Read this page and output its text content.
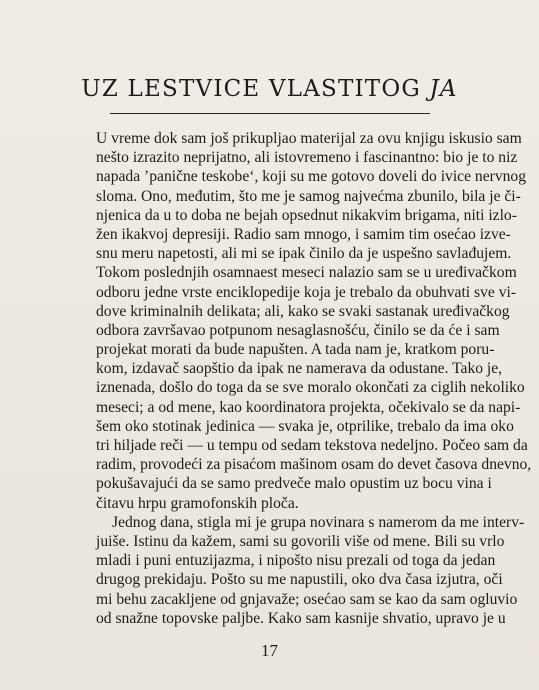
UZ LESTVICE VLASTITOG JA
U vreme dok sam još prikupljao materijal za ovu knjigu iskusio sam
nešto izrazito neprijatno, ali istovremeno i fascinantno: bio je to niz
napada ’panične teskobe‘, koji su me gotovo doveli do ivice nervnog
sloma. Ono, međutim, što me je samog najvećma zbunilo, bila je či-
njenica da u to doba ne bejah opsednut nikakvim brigama, niti izlo-
žen ikakvoj depresiji. Radio sam mnogo, i samim tim osećao izve-
snu meru napetosti, ali mi se ipak činilo da je uspešno savlađujem.
Tokom poslednjih osamnaest meseci nalazio sam se u uređivačkom
odboru jedne vrste enciklopedije koja je trebalo da obuhvati sve vi-
dove kriminalnih delikata; ali, kako se svaki sastanak uređivačkog
odbora završavao potpunom nesaglasnošću, činilo se da će i sam
projekat morati da bude napušten. A tada nam je, kratkom poru-
kom, izdavač saopštio da ipak ne namerava da odustane. Tako je,
iznenada, došlo do toga da se sve moralo okončati za ciglih nekoliko
meseci; a od mene, kao koordinatora projekta, očekivalo se da napi-
šem oko stotinak jedinica — svaka je, otprilike, trebalo da ima oko
tri hiljade reči — u tempu od sedam tekstova nedeljno. Počeo sam da
radim, provodeći za pisaćom mašinom osam do devet časova dnevno,
pokušavajući da se samo predveče malo opustim uz bocu vina i
čitavu hrpu gramofonskih ploča.
Jednog dana, stigla mi je grupa novinara s namerom da me interv-
juiše. Istinu da kažem, sami su govorili više od mene. Bili su vrlo
mladi i puni entuzijazma, i nipošto nisu prezali od toga da jedan
drugog prekidaju. Pošto su me napustili, oko dva časa izjutra, oči
mi behu zacakljene od gnjavaže; osećao sam se kao da sam ogluvio
od snažne topovske paljbe. Kako sam kasnije shvatio, upravo je u
17
